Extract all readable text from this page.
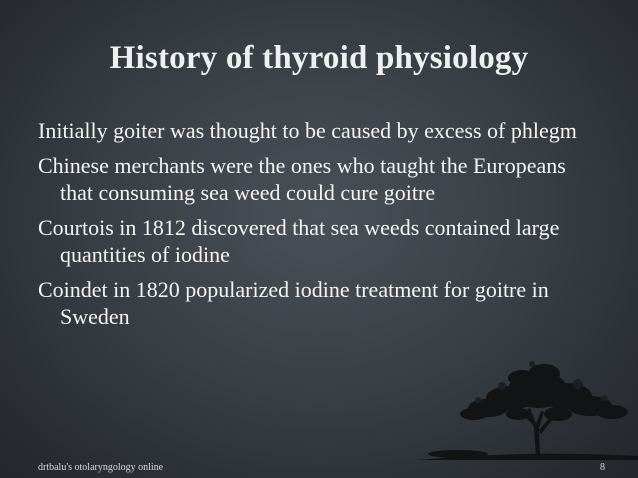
History of thyroid physiology
Initially goiter was thought to be caused by excess of phlegm
Chinese merchants were the ones who taught the Europeans that consuming sea weed could cure goitre
Courtois in 1812 discovered that sea weeds contained large quantities of iodine
Coindet in 1820 popularized iodine treatment for goitre in Sweden
drtbalu's otolaryngology online	8
